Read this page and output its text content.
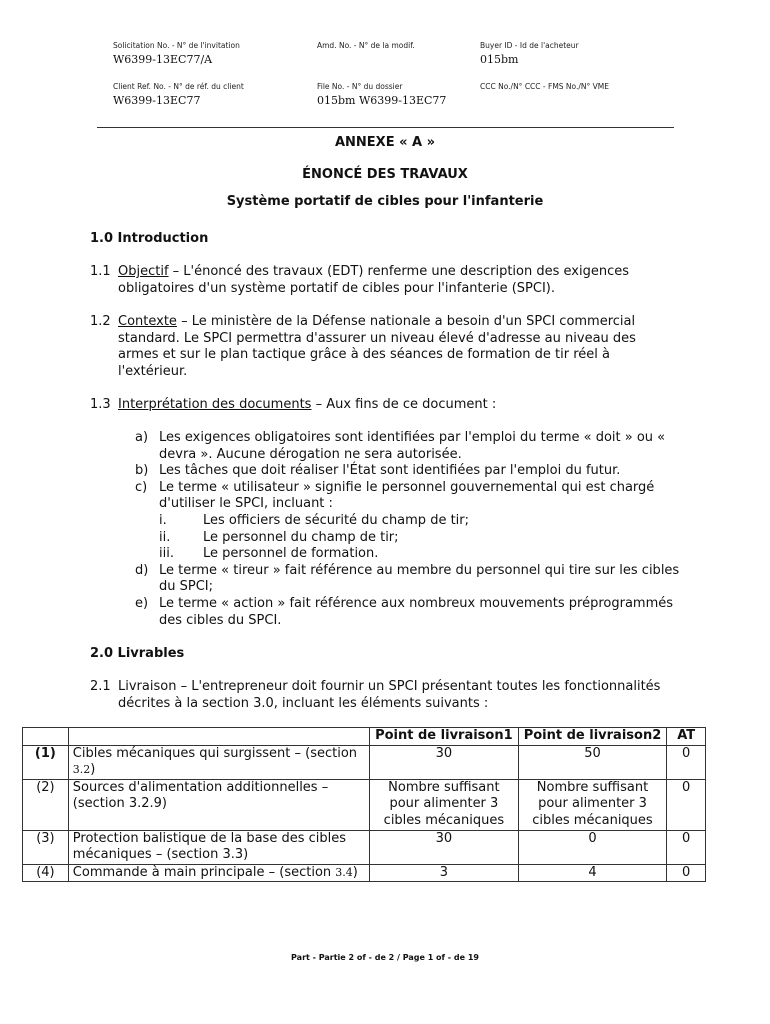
Solicitation No. - N° de l'invitation
W6399-13EC77/A
Amd. No. - N° de la modif.	Buyer ID - Id de l'acheteur
015bm
Client Ref. No. - N° de réf. du client
W6399-13EC77
File No. - N° du dossier
015bm W6399-13EC77
CCC No./N° CCC - FMS No./N° VME
ANNEXE « A »
ÉNONCÉ DES TRAVAUX
Système portatif de cibles pour l'infanterie
1.0 Introduction
1.1 Objectif – L'énoncé des travaux (EDT) renferme une description des exigences obligatoires d'un système portatif de cibles pour l'infanterie (SPCI).
1.2 Contexte – Le ministère de la Défense nationale a besoin d'un SPCI commercial standard. Le SPCI permettra d'assurer un niveau élevé d'adresse au niveau des armes et sur le plan tactique grâce à des séances de formation de tir réel à l'extérieur.
1.3 Interprétation des documents – Aux fins de ce document :
a) Les exigences obligatoires sont identifiées par l'emploi du terme « doit » ou « devra ». Aucune dérogation ne sera autorisée.
b) Les tâches que doit réaliser l'État sont identifiées par l'emploi du futur.
c) Le terme « utilisateur » signifie le personnel gouvernemental qui est chargé d'utiliser le SPCI, incluant :
i.	Les officiers de sécurité du champ de tir;
ii.	Le personnel du champ de tir;
iii. Le personnel de formation.
d) Le terme « tireur » fait référence au membre du personnel qui tire sur les cibles du SPCI;
e) Le terme « action » fait référence aux nombreux mouvements préprogrammés des cibles du SPCI.
2.0 Livrables
2.1 Livraison – L'entrepreneur doit fournir un SPCI présentant toutes les fonctionnalités décrites à la section 3.0, incluant les éléments suivants :
		Point de livraison1	Point de livraison2	AT
(1)	Cibles mécaniques qui surgissent – (section 3.2)	30	50	0
(2)	Sources d'alimentation additionnelles – (section 3.2.9)	Nombre suffisant pour alimenter 3 cibles mécaniques	Nombre suffisant pour alimenter 3 cibles mécaniques	0
(3)	Protection balistique de la base des cibles mécaniques – (section 3.3)	30	0	0
(4)	Commande à main principale – (section 3.4)	3	4	0
Part - Partie 2 of - de 2 / Page 1 of - de 19
